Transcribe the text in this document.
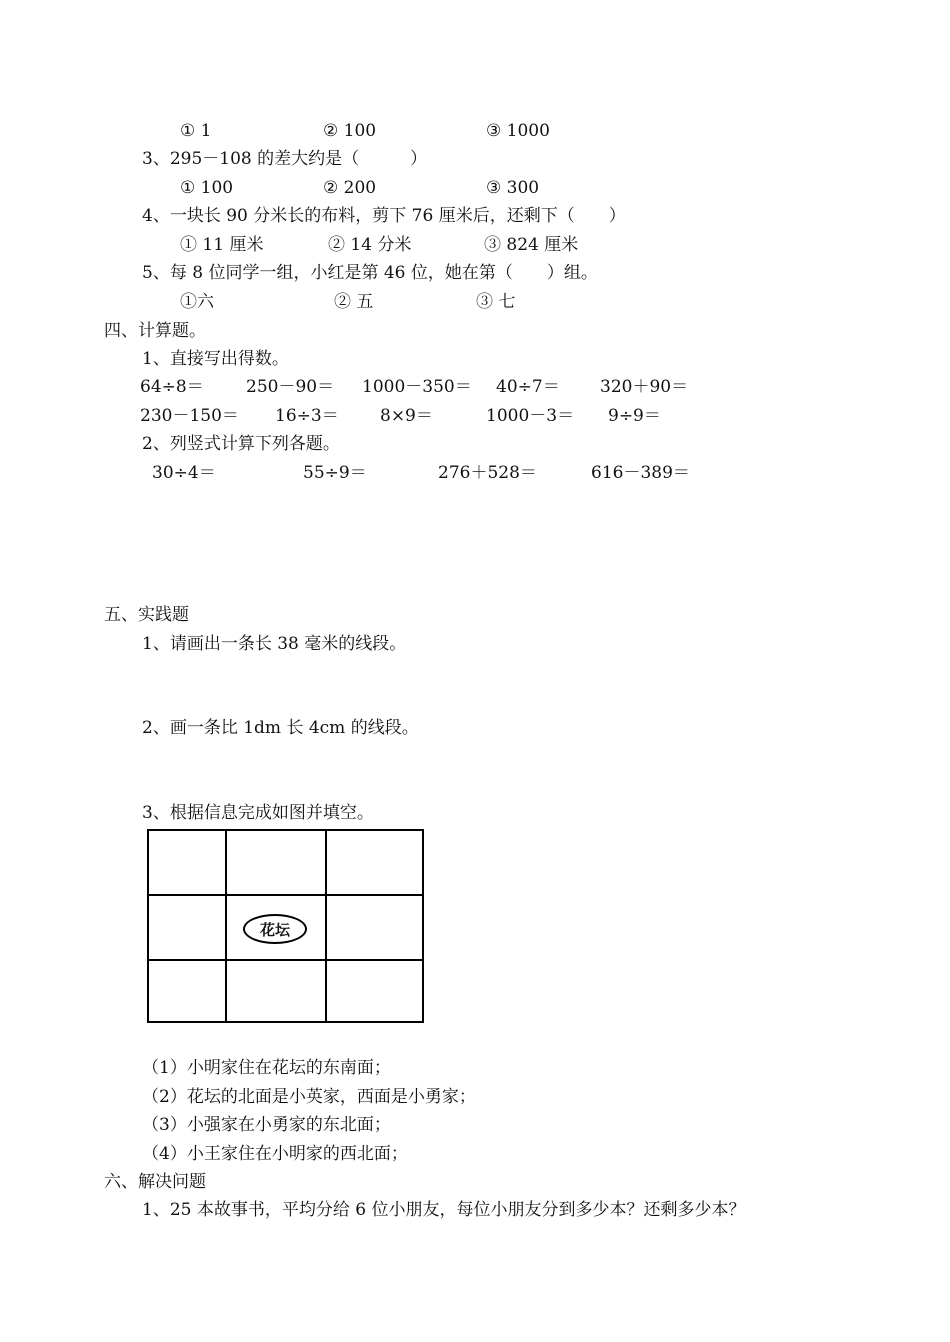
① 1	② 100	③ 1000
3、295－108 的差大约是（　　　）
① 100	② 200	③ 300
4、一块长 90 分米长的布料，剪下 76 厘米后，还剩下（　　）
① 11 厘米	② 14 分米	③ 824 厘米
5、每 8 位同学一组，小红是第 46 位，她在第（　　）组。
①六	② 五	③ 七
四、计算题。
1、直接写出得数。
64÷8＝ 250－90＝ 1000－350＝ 40÷7＝ 320＋90＝
230－150＝ 16÷3＝ 8×9＝	1000－3＝ 9÷9＝
2、列竖式计算下列各题。
30÷4＝	55÷9＝	276＋528＝	616－389＝
五、实践题
1、请画出一条长 38 毫米的线段。
2、画一条比 1dm 长 4cm 的线段。
3、根据信息完成如图并填空。
花坛
（1）小明家住在花坛的东南面；
（2）花坛的北面是小英家，西面是小勇家；
（3）小强家在小勇家的东北面；
（4）小王家住在小明家的西北面；
六、解决问题
1、25 本故事书，平均分给 6 位小朋友，每位小朋友分到多少本？还剩多少本？
